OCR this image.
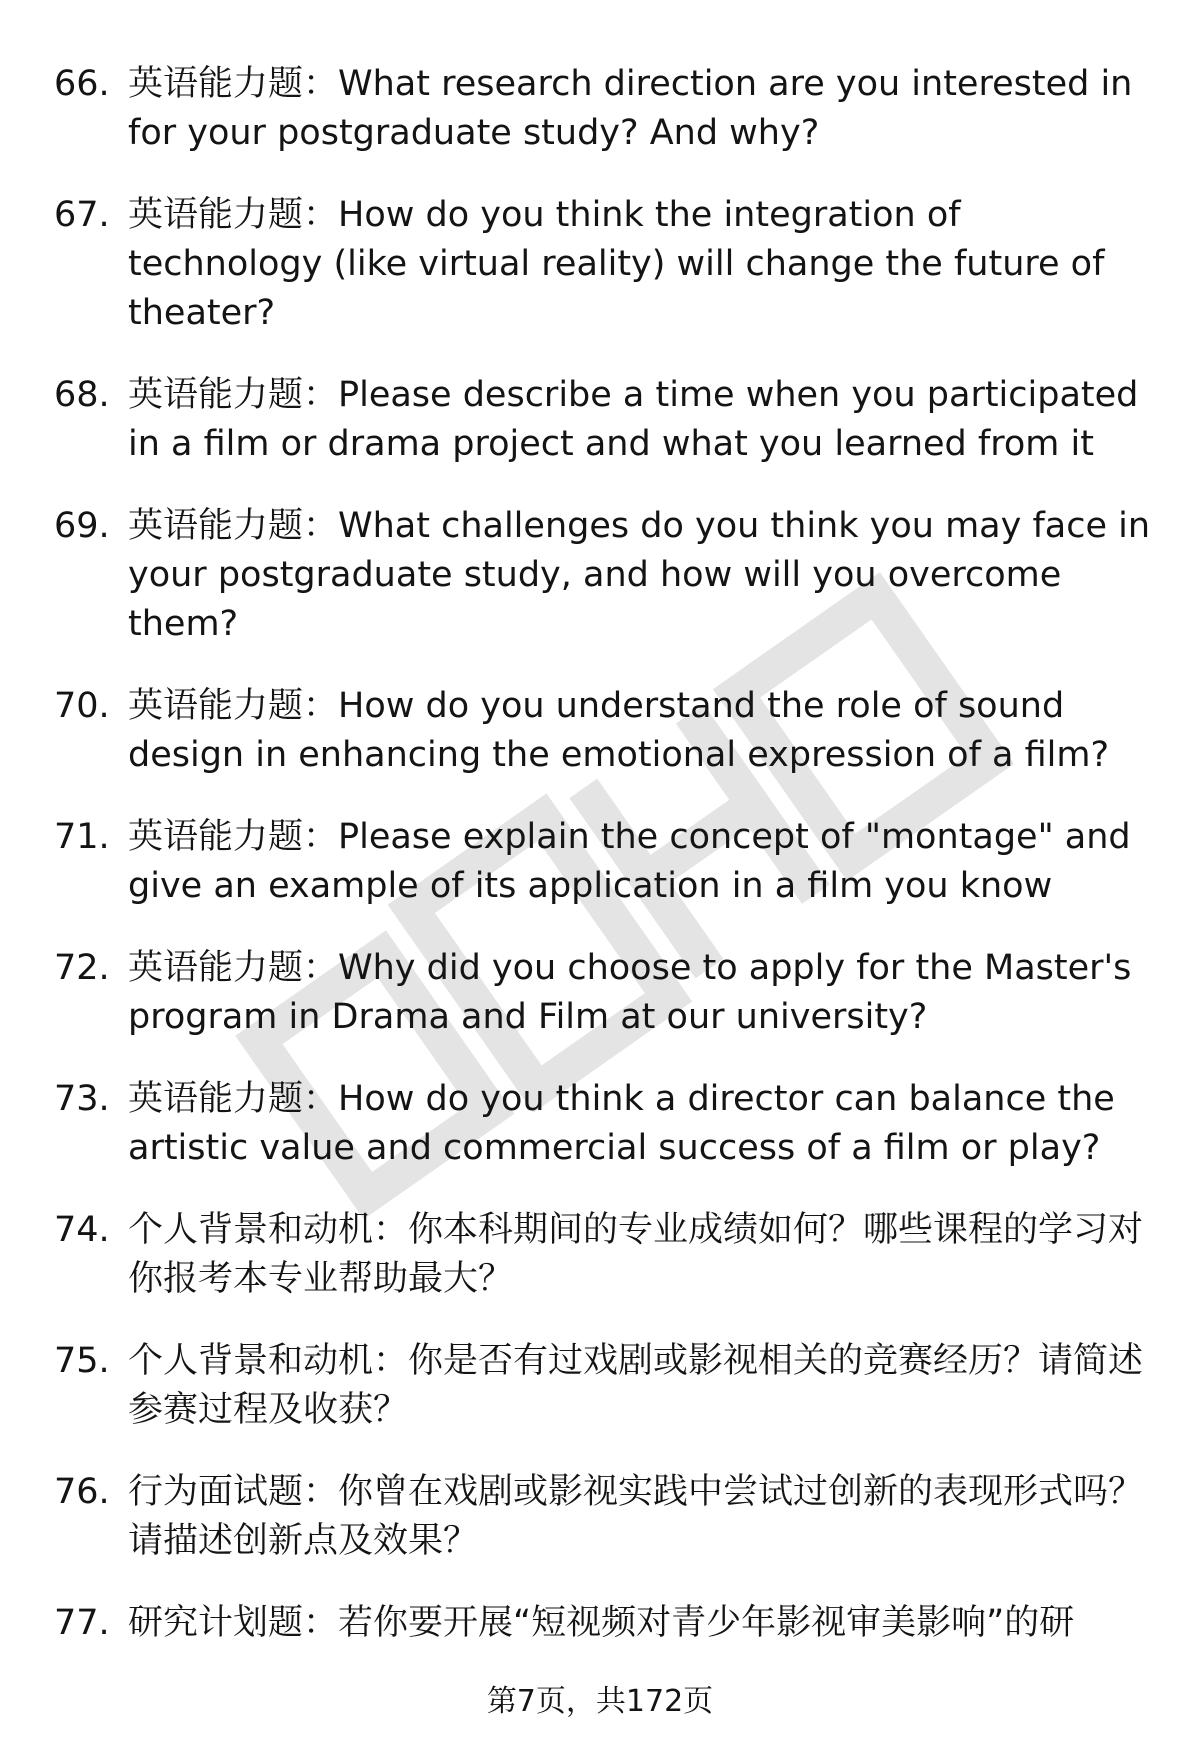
66. 英语能力题：What research direction are you interested in for your postgraduate study? And why?
67. 英语能力题：How do you think the integration of technology (like virtual reality) will change the future of theater?
68. 英语能力题：Please describe a time when you participated in a film or drama project and what you learned from it
69. 英语能力题：What challenges do you think you may face in your postgraduate study, and how will you overcome them?
70. 英语能力题：How do you understand the role of sound design in enhancing the emotional expression of a film?
71. 英语能力题：Please explain the concept of "montage" and give an example of its application in a film you know
72. 英语能力题：Why did you choose to apply for the Master's program in Drama and Film at our university?
73. 英语能力题：How do you think a director can balance the artistic value and commercial success of a film or play?
74. 个人背景和动机：你本科期间的专业成绩如何？哪些课程的学习对你报考本专业帮助最大？
75. 个人背景和动机：你是否有过戏剧或影视相关的竞赛经历？请简述参赛过程及收获？
76. 行为面试题：你曾在戏剧或影视实践中尝试过创新的表现形式吗？请描述创新点及效果？
77. 研究计划题：若你要开展“短视频对青少年影视审美影响”的研
第7页，共172页
